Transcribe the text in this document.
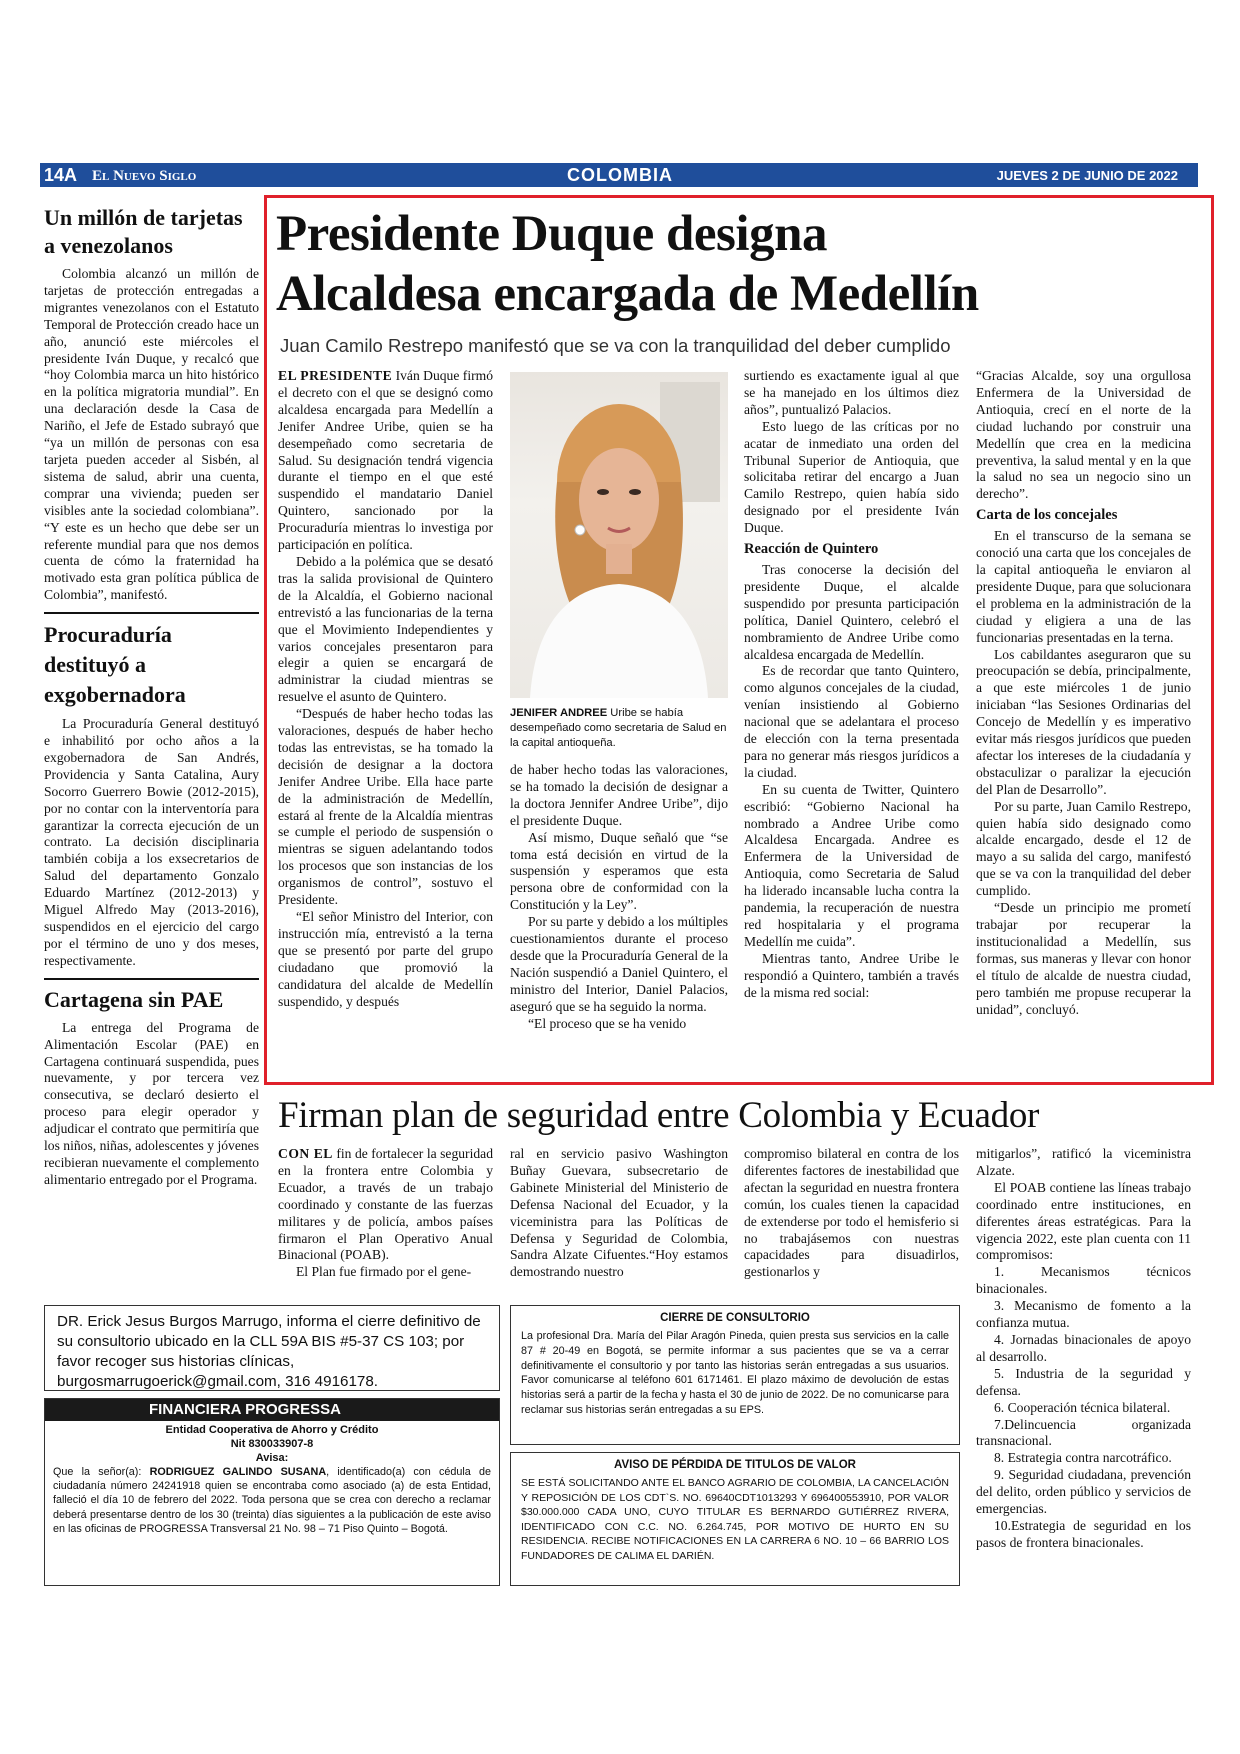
14A El Nuevo Siglo	COLOMBIA	JUEVES 2 DE JUNIO DE 2022
Un millón de tarjetas a venezolanos

Colombia alcanzó un millón de tarjetas de protección entregadas a migrantes venezolanos con el Estatuto Temporal de Protección creado hace un año, anunció este miércoles el presidente Iván Duque, y recalcó que “hoy Colombia marca un hito histórico en la política migratoria mundial”. En una declaración desde la Casa de Nariño, el Jefe de Estado subrayó que “ya un millón de personas con esa tarjeta pueden acceder al Sisbén, al sistema de salud, abrir una cuenta, comprar una vivienda; pueden ser visibles ante la sociedad colombiana”. “Y este es un hecho que debe ser un referente mundial para que nos demos cuenta de cómo la fraternidad ha motivado esta gran política pública de Colombia”, manifestó.

Procuraduría destituyó a exgobernadora

La Procuraduría General destituyó e inhabilitó por ocho años a la exgobernadora de San Andrés, Providencia y Santa Catalina, Aury Socorro Guerrero Bowie (2012-2015), por no contar con la interventoría para garantizar la correcta ejecución de un contrato. La decisión disciplinaria también cobija a los exsecretarios de Salud del departamento Gonzalo Eduardo Martínez (2012-2013) y Miguel Alfredo May (2013-2016), suspendidos en el ejercicio del cargo por el término de uno y dos meses, respectivamente.

Cartagena sin PAE

La entrega del Programa de Alimentación Escolar (PAE) en Cartagena continuará suspendida, pues nuevamente, y por tercera vez consecutiva, se declaró desierto el proceso para elegir operador y adjudicar el contrato que permitiría que los niños, niñas, adolescentes y jóvenes recibieran nuevamente el complemento alimentario entregado por el Programa.

Presidente Duque designa
Alcaldesa encargada de Medellín
Juan Camilo Restrepo manifestó que se va con la tranquilidad del deber cumplido

EL PRESIDENTE Iván Duque firmó el decreto con el que se designó como alcaldesa encargada para Medellín a Jenifer Andree Uribe, quien se ha desempeñado como secretaria de Salud. Su designación tendrá vigencia durante el tiempo en el que esté suspendido el mandatario Daniel Quintero, sancionado por la Procuraduría mientras lo investiga por participación en política.

Debido a la polémica que se desató tras la salida provisional de Quintero de la Alcaldía, el Gobierno nacional entrevistó a las funcionarias de la terna que el Movimiento Independientes y varios concejales presentaron para elegir a quien se encargará de administrar la ciudad mientras se resuelve el asunto de Quintero.

“Después de haber hecho todas las valoraciones, después de haber hecho todas las entrevistas, se ha tomado la decisión de designar a la doctora Jenifer Andree Uribe. Ella hace parte de la administración de Medellín, estará al frente de la Alcaldía mientras se cumple el periodo de suspensión o mientras se siguen adelantando todos los procesos que son instancias de los organismos de control”, sostuvo el Presidente.

“El señor Ministro del Interior, con instrucción mía, entrevistó a la terna que se presentó por parte del grupo ciudadano que promovió la candidatura del alcalde de Medellín suspendido, y después

JENIFER ANDREE Uribe se había desempeñado como secretaria de Salud en la capital antioqueña.

de haber hecho todas las valoraciones, se ha tomado la decisión de designar a la doctora Jennifer Andree Uribe”, dijo el presidente Duque.

Así mismo, Duque señaló que “se toma está decisión en virtud de la suspensión y esperamos que esta persona obre de conformidad con la Constitución y la Ley”.

Por su parte y debido a los múltiples cuestionamientos durante el proceso desde que la Procuraduría General de la Nación suspendió a Daniel Quintero, el ministro del Interior, Daniel Palacios, aseguró que se ha seguido la norma.

“El proceso que se ha venido

surtiendo es exactamente igual al que se ha manejado en los últimos diez años”, puntualizó Palacios.

Esto luego de las críticas por no acatar de inmediato una orden del Tribunal Superior de Antioquia, que solicitaba retirar del encargo a Juan Camilo Restrepo, quien había sido designado por el presidente Iván Duque.

Reacción de Quintero

Tras conocerse la decisión del presidente Duque, el alcalde suspendido por presunta participación política, Daniel Quintero, celebró el nombramiento de Andree Uribe como alcaldesa encargada de Medellín.

Es de recordar que tanto Quintero, como algunos concejales de la ciudad, venían insistiendo al Gobierno nacional que se adelantara el proceso de elección con la terna presentada para no generar más riesgos jurídicos a la ciudad.

En su cuenta de Twitter, Quintero escribió: “Gobierno Nacional ha nombrado a Andree Uribe como Alcaldesa Encargada. Andree es Enfermera de la Universidad de Antioquia, como Secretaria de Salud ha liderado incansable lucha contra la pandemia, la recuperación de nuestra red hospitalaria y el programa Medellín me cuida”.

Mientras tanto, Andree Uribe le respondió a Quintero, también a través de la misma red social:

“Gracias Alcalde, soy una orgullosa Enfermera de la Universidad de Antioquia, crecí en el norte de la ciudad luchando por construir una Medellín que crea en la medicina preventiva, la salud mental y en la que la salud no sea un negocio sino un derecho”.

Carta de los concejales

En el transcurso de la semana se conoció una carta que los concejales de la capital antioqueña le enviaron al presidente Duque, para que solucionara el problema en la administración de la ciudad y eligiera a una de las funcionarias presentadas en la terna.

Los cabildantes aseguraron que su preocupación se debía, principalmente, a que este miércoles 1 de junio iniciaban “las Sesiones Ordinarias del Concejo de Medellín y es imperativo evitar más riesgos jurídicos que pueden afectar los intereses de la ciudadanía y obstaculizar o paralizar la ejecución del Plan de Desarrollo”.

Por su parte, Juan Camilo Restrepo, quien había sido designado como alcalde encargado, desde el 12 de mayo a su salida del cargo, manifestó que se va con la tranquilidad del deber cumplido.

“Desde un principio me prometí trabajar por recuperar la institucionalidad a Medellín, sus formas, sus maneras y llevar con honor el título de alcalde de nuestra ciudad, pero también me propuse recuperar la unidad”, concluyó.

Firman plan de seguridad entre Colombia y Ecuador

CON EL fin de fortalecer la seguridad en la frontera entre Colombia y Ecuador, a través de un trabajo coordinado y constante de las fuerzas militares y de policía, ambos países firmaron el Plan Operativo Anual Binacional (POAB).

El Plan fue firmado por el gene-

ral en servicio pasivo Washington Buñay Guevara, subsecretario de Gabinete Ministerial del Ministerio de Defensa Nacional del Ecuador, y la viceministra para las Políticas de Defensa y Seguridad de Colombia, Sandra Alzate Cifuentes.“Hoy estamos demostrando nuestro

compromiso bilateral en contra de los diferentes factores de inestabilidad que afectan la seguridad en nuestra frontera común, los cuales tienen la capacidad de extenderse por todo el hemisferio si no trabajásemos con nuestras capacidades para disuadirlos, gestionarlos y

mitigarlos”, ratificó la viceministra Alzate.

El POAB contiene las líneas trabajo coordinado entre instituciones, en diferentes áreas estratégicas. Para la vigencia 2022, este plan cuenta con 11 compromisos:

1. Mecanismos técnicos binacionales.

3. Mecanismo de fomento a la confianza mutua.

4. Jornadas binacionales de apoyo al desarrollo.

5. Industria de la seguridad y defensa.

6. Cooperación técnica bilateral.

7.Delincuencia organizada transnacional.

8. Estrategia contra narcotráfico.

9. Seguridad ciudadana, prevención del delito, orden público y servicios de emergencias.

10.Estrategia de seguridad en los pasos de frontera binacionales.

DR. Erick Jesus Burgos Marrugo, informa el cierre definitivo de su consultorio ubicado en la CLL 59A BIS #5-37 CS 103; por favor recoger sus historias clínicas, burgosmarrugoerick@gmail.com, 316 4916178.
FINANCIERA PROGRESSA
Entidad Cooperativa de Ahorro y Crédito
Nit 830033907-8
Avisa:
Que la señor(a): RODRIGUEZ GALINDO SUSANA, identificado(a) con cédula de ciudadanía número 24241918 quien se encontraba como asociado (a) de esta Entidad, falleció el día 10 de febrero del 2022. Toda persona que se crea con derecho a reclamar deberá presentarse dentro de los 30 (treinta) días siguientes a la publicación de este aviso en las oficinas de PROGRESSA Transversal 21 No. 98 – 71 Piso Quinto – Bogotá.
CIERRE DE CONSULTORIO
La profesional Dra. María del Pilar Aragón Pineda, quien presta sus servicios en la calle 87 # 20-49 en Bogotá, se permite informar a sus pacientes que se va a cerrar definitivamente el consultorio y por tanto las historias serán entregadas a sus usuarios. Favor comunicarse al teléfono 601 6171461. El plazo máximo de devolución de estas historias será a partir de la fecha y hasta el 30 de junio de 2022. De no comunicarse para reclamar sus historias serán entregadas a su EPS.
AVISO DE PÉRDIDA DE TITULOS DE VALOR
SE ESTÁ SOLICITANDO ANTE EL BANCO AGRARIO DE COLOMBIA, LA CANCELACIÓN Y REPOSICIÓN DE LOS CDT`S. NO. 69640CDT1013293 Y 696400553910, POR VALOR $30.000.000 CADA UNO, CUYO TITULAR ES BERNARDO GUTIÉRREZ RIVERA, IDENTIFICADO CON C.C. NO. 6.264.745, POR MOTIVO DE HURTO EN SU RESIDENCIA. RECIBE NOTIFICACIONES EN LA CARRERA 6 NO. 10 – 66 BARRIO LOS FUNDADORES DE CALIMA EL DARIÉN.
